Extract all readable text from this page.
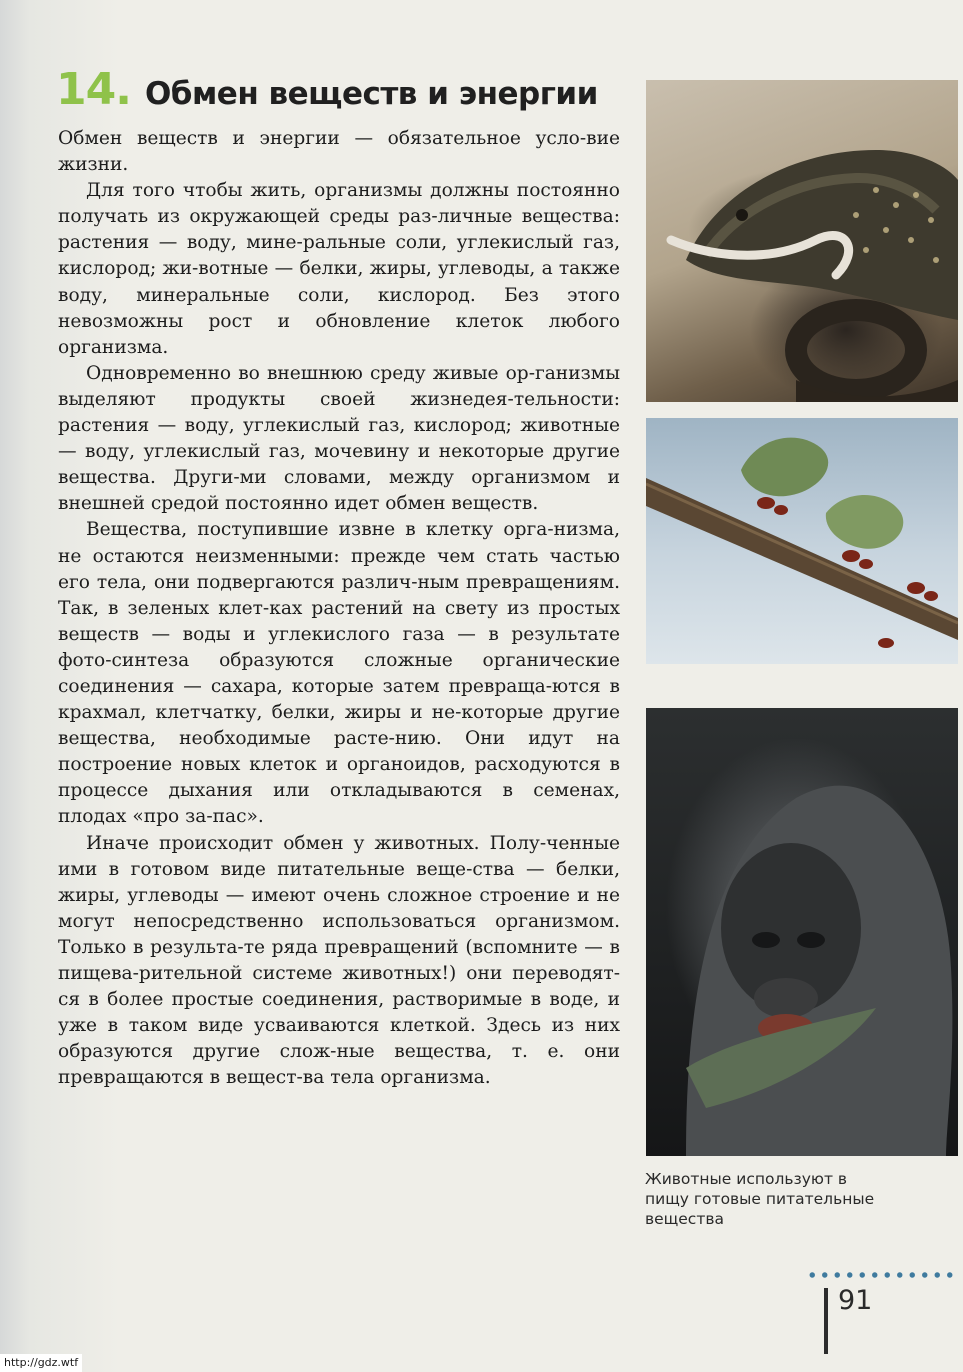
14. Обмен веществ и энергии

Обмен веществ и энергии — обязательное усло-вие жизни.

Для того чтобы жить, организмы должны постоянно получать из окружающей среды раз-личные вещества: растения — воду, мине-ральные соли, углекислый газ, кислород; жи-вотные — белки, жиры, углеводы, а также воду, минеральные соли, кислород. Без этого невозможны рост и обновление клеток любого организма.

Одновременно во внешнюю среду живые ор-ганизмы выделяют продукты своей жизнедея-тельности: растения — воду, углекислый газ, кислород; животные — воду, углекислый газ, мочевину и некоторые другие вещества. Други-ми словами, между организмом и внешней средой постоянно идет обмен веществ.

Вещества, поступившие извне в клетку орга-низма, не остаются неизменными: прежде чем стать частью его тела, они подвергаются различ-ным превращениям. Так, в зеленых клет-ках растений на свету из простых веществ — воды и углекислого газа — в результате фото-синтеза образуются сложные органические соединения — сахара, которые затем превраща-ются в крахмал, клетчатку, белки, жиры и не-которые другие вещества, необходимые расте-нию. Они идут на построение новых клеток и органоидов, расходуются в процессе дыхания или откладываются в семенах, плодах «про за-пас».

Иначе происходит обмен у животных. Полу-ченные ими в готовом виде питательные веще-ства — белки, жиры, углеводы — имеют очень сложное строение и не могут непосредственно использоваться организмом. Только в результа-те ряда превращений (вспомните — в пищева-рительной системе животных!) они переводят-ся в более простые соединения, растворимые в воде, и уже в таком виде усваиваются клеткой. Здесь из них образуются другие слож-ные вещества, т. е. они превращаются в вещест-ва тела организма.

Животные используют в пищу готовые питательные вещества
91
http://gdz.wtf
